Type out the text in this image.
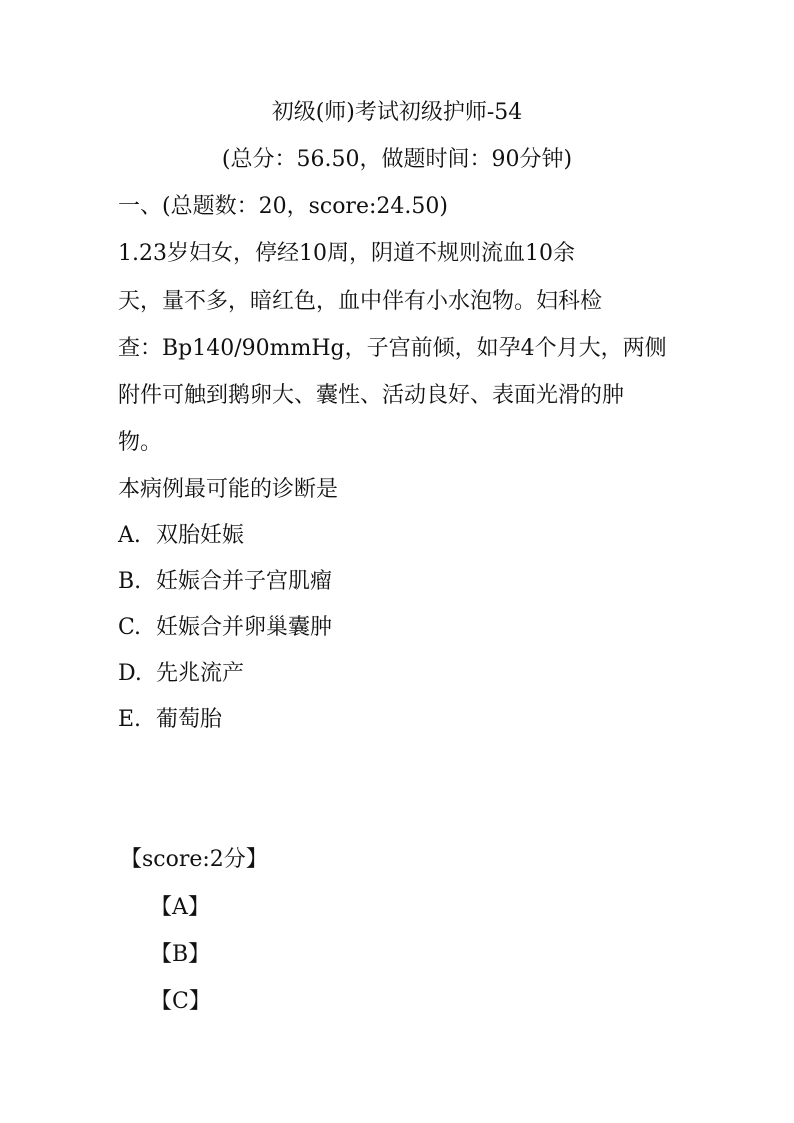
初级(师)考试初级护师-54

(总分：56.50，做题时间：90分钟)

一、(总题数：20，score:24.50)

1.23岁妇女，停经10周，阴道不规则流血10余

天，量不多，暗红色，血中伴有小水泡物。妇科检

查：Bp140/90mmHg，子宫前倾，如孕4个月大，两侧

附件可触到鹅卵大、囊性、活动良好、表面光滑的肿

物。

本病例最可能的诊断是

A. 双胎妊娠

B. 妊娠合并子宫肌瘤

C. 妊娠合并卵巢囊肿

D. 先兆流产

E. 葡萄胎

【score:2分】

【A】

【B】

【C】
